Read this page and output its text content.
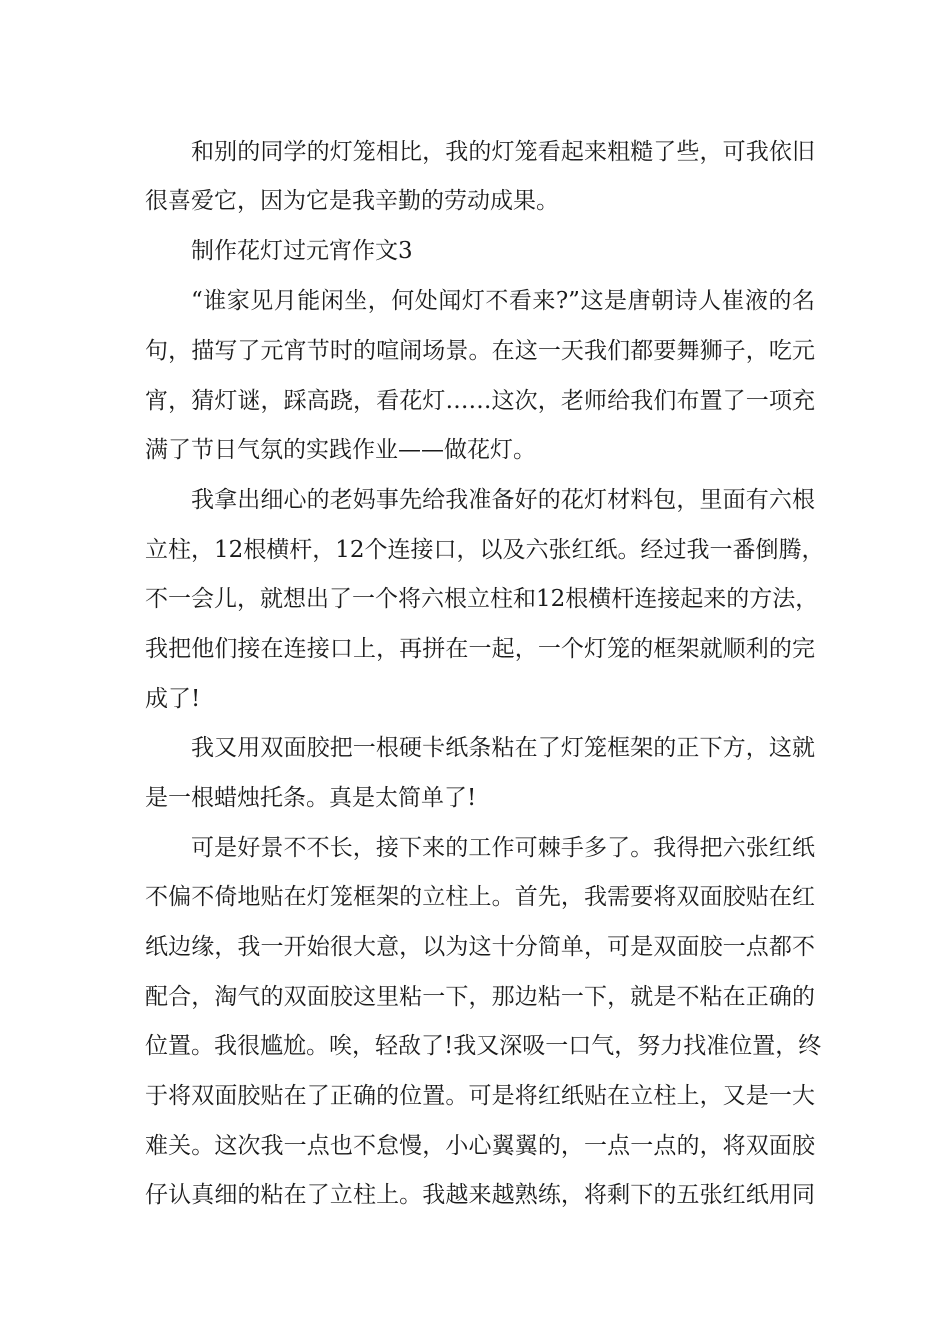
和别的同学的灯笼相比，我的灯笼看起来粗糙了些，可我依旧

很喜爱它，因为它是我辛勤的劳动成果。

制作花灯过元宵作文3

“谁家见月能闲坐，何处闻灯不看来?”这是唐朝诗人崔液的名

句，描写了元宵节时的喧闹场景。在这一天我们都要舞狮子，吃元

宵，猜灯谜，踩高跷，看花灯……这次，老师给我们布置了一项充

满了节日气氛的实践作业——做花灯。

我拿出细心的老妈事先给我准备好的花灯材料包，里面有六根

立柱，12根横杆，12个连接口，以及六张红纸。经过我一番倒腾，

不一会儿，就想出了一个将六根立柱和12根横杆连接起来的方法，

我把他们接在连接口上，再拼在一起，一个灯笼的框架就顺利的完

成了!

我又用双面胶把一根硬卡纸条粘在了灯笼框架的正下方，这就

是一根蜡烛托条。真是太简单了!

可是好景不不长，接下来的工作可棘手多了。我得把六张红纸

不偏不倚地贴在灯笼框架的立柱上。首先，我需要将双面胶贴在红

纸边缘，我一开始很大意，以为这十分简单，可是双面胶一点都不

配合，淘气的双面胶这里粘一下，那边粘一下，就是不粘在正确的

位置。我很尴尬。唉，轻敌了!我又深吸一口气，努力找准位置，终

于将双面胶贴在了正确的位置。可是将红纸贴在立柱上，又是一大

难关。这次我一点也不怠慢，小心翼翼的，一点一点的，将双面胶

仔认真细的粘在了立柱上。我越来越熟练，将剩下的五张红纸用同
